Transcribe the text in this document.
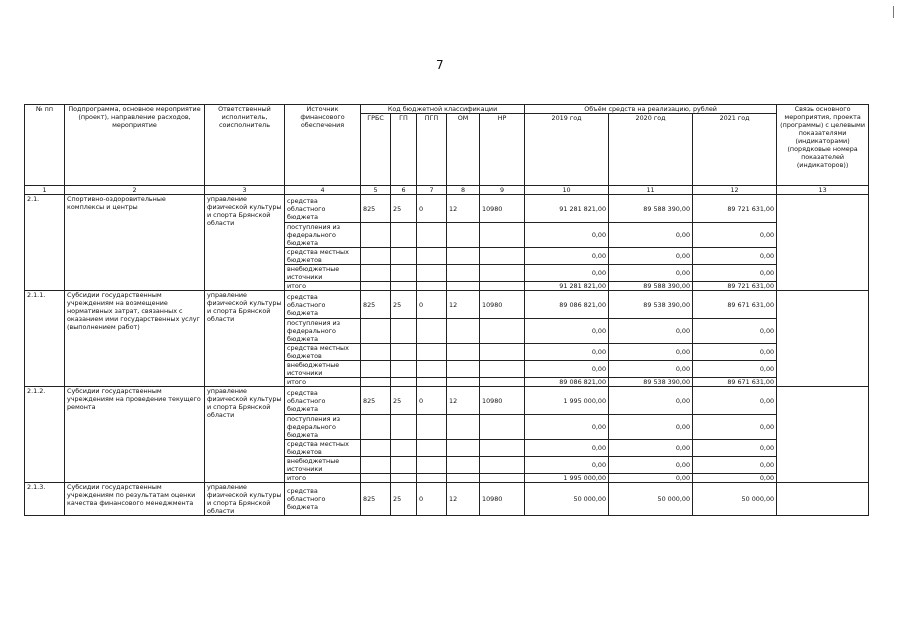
7
№ пп	Подпрограмма, основное мероприятие (проект), направление расходов, мероприятие	Ответственный исполнитель, соисполнитель	Источник финансового обеспечения	Код бюджетной классификации					Объём средств на реализацию, рублей			Связь основного мероприятия, проекта (программы) с целевыми показателями (индикаторами) (порядковые номера показателей (индикаторов))
				ГРБС	ГП	ПГП	ОМ	НР	2019 год	2020 год	2021 год	
1	2	3	4	5	6	7	8	9	10	11	12	13
2.1.	Спортивно-оздоровительные комплексы и центры	управление физической культуры и спорта Брянской области	средства областного бюджета	825	25	0	12	10980	91 281 821,00	89 588 390,00	89 721 631,00	
			поступления из федерального бюджета						0,00	0,00	0,00	
			средства местных бюджетов						0,00	0,00	0,00	
			внебюджетные источники						0,00	0,00	0,00	
			итого						91 281 821,00	89 588 390,00	89 721 631,00	
2.1.1.	Субсидии государственным учреждениям на возмещение нормативных затрат, связанных с оказанием ими государственных услуг (выполнением работ)	управление физической культуры и спорта Брянской области	средства областного бюджета	825	25	0	12	10980	89 086 821,00	89 538 390,00	89 671 631,00	
			поступления из федерального бюджета						0,00	0,00	0,00	
			средства местных бюджетов						0,00	0,00	0,00	
			внебюджетные источники						0,00	0,00	0,00	
			итого						89 086 821,00	89 538 390,00	89 671 631,00	
2.1.2.	Субсидии государственным учреждениям на проведение текущего ремонта	управление физической культуры и спорта Брянской области	средства областного бюджета	825	25	0	12	10980	1 995 000,00	0,00	0,00	
			поступления из федерального бюджета						0,00	0,00	0,00	
			средства местных бюджетов						0,00	0,00	0,00	
			внебюджетные источники						0,00	0,00	0,00	
			итого						1 995 000,00	0,00	0,00	
2.1.3.	Субсидии государственным учреждениям по результатам оценки качества финансового менеджмента	управление физической культуры и спорта Брянской области	средства областного бюджета	825	25	0	12	10980	50 000,00	50 000,00	50 000,00	
